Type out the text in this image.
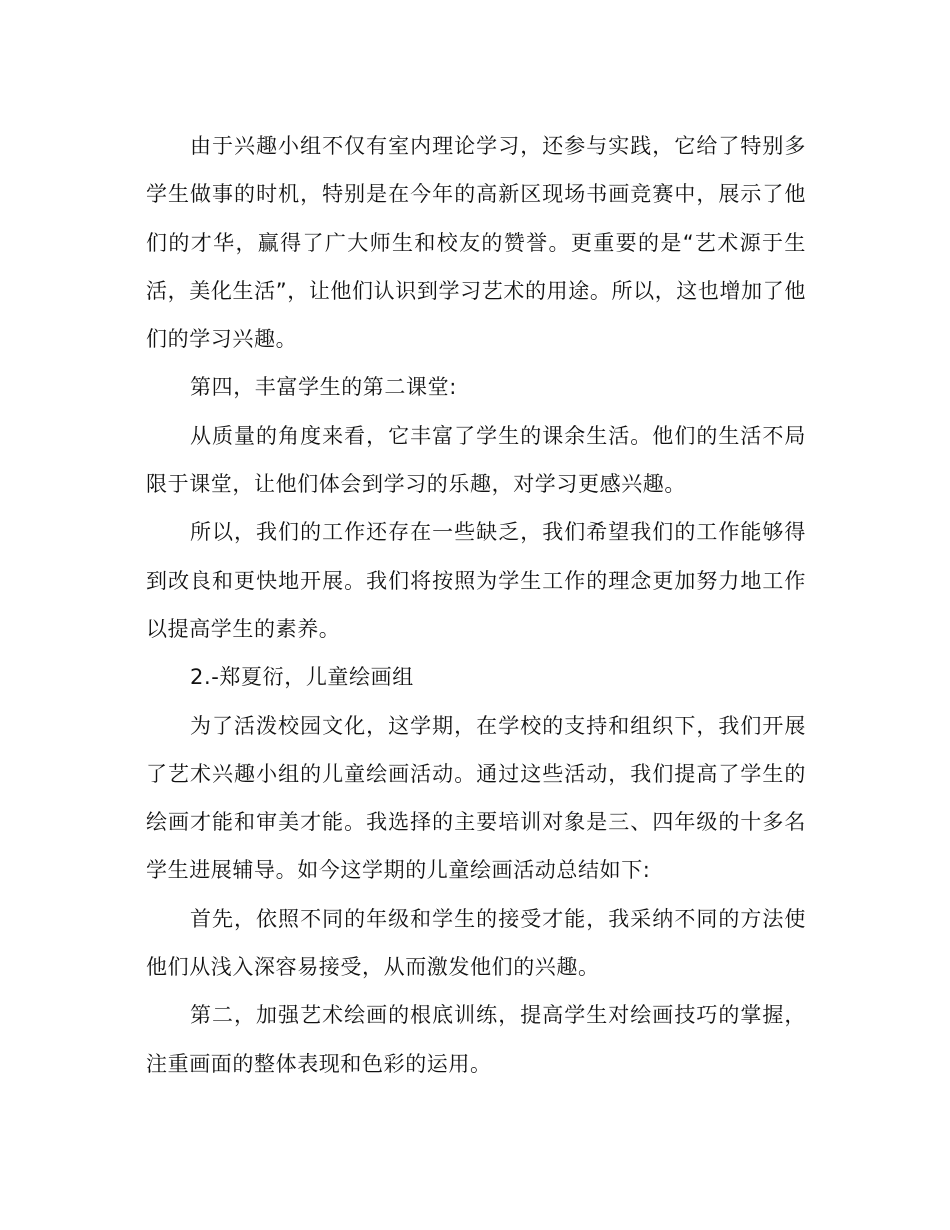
由于兴趣小组不仅有室内理论学习，还参与实践，它给了特别多学生做事的时机，特别是在今年的高新区现场书画竞赛中，展示了他们的才华，赢得了广大师生和校友的赞誉。更重要的是“艺术源于生活，美化生活”，让他们认识到学习艺术的用途。所以，这也增加了他们的学习兴趣。

第四，丰富学生的第二课堂:

从质量的角度来看，它丰富了学生的课余生活。他们的生活不局限于课堂，让他们体会到学习的乐趣，对学习更感兴趣。

所以，我们的工作还存在一些缺乏，我们希望我们的工作能够得到改良和更快地开展。我们将按照为学生工作的理念更加努力地工作以提高学生的素养。

2.-郑夏衍，儿童绘画组

为了活泼校园文化，这学期，在学校的支持和组织下，我们开展了艺术兴趣小组的儿童绘画活动。通过这些活动，我们提高了学生的绘画才能和审美才能。我选择的主要培训对象是三、四年级的十多名学生进展辅导。如今这学期的儿童绘画活动总结如下:

首先，依照不同的年级和学生的接受才能，我采纳不同的方法使他们从浅入深容易接受，从而激发他们的兴趣。

第二，加强艺术绘画的根底训练，提高学生对绘画技巧的掌握，注重画面的整体表现和色彩的运用。
